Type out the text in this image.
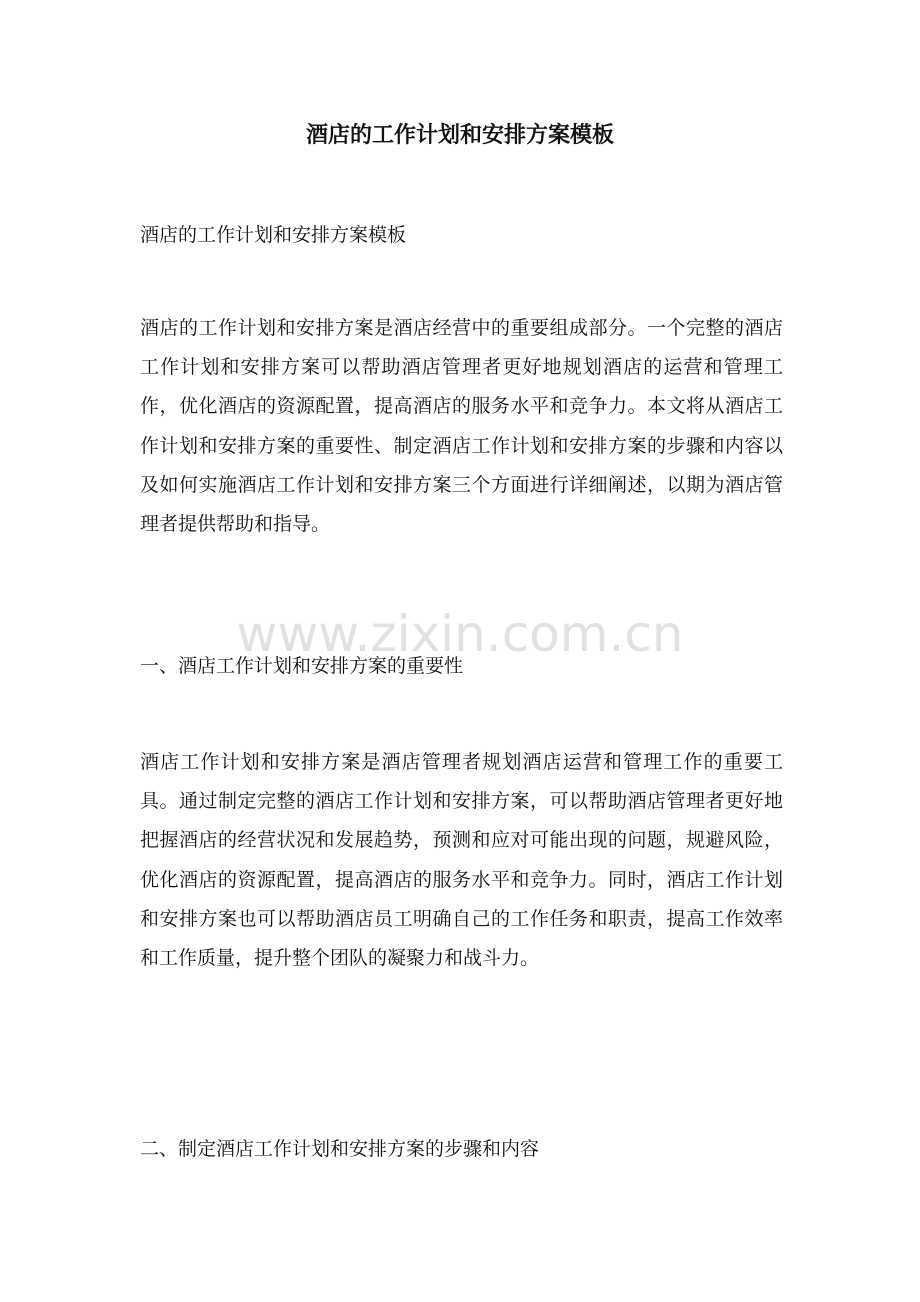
酒店的工作计划和安排方案模板

酒店的工作计划和安排方案模板

酒店的工作计划和安排方案是酒店经营中的重要组成部分。一个完整的酒店工作计划和安排方案可以帮助酒店管理者更好地规划酒店的运营和管理工作，优化酒店的资源配置，提高酒店的服务水平和竞争力。本文将从酒店工作计划和安排方案的重要性、制定酒店工作计划和安排方案的步骤和内容以及如何实施酒店工作计划和安排方案三个方面进行详细阐述，以期为酒店管理者提供帮助和指导。

www.zixin.com.cn

一、酒店工作计划和安排方案的重要性

酒店工作计划和安排方案是酒店管理者规划酒店运营和管理工作的重要工具。通过制定完整的酒店工作计划和安排方案，可以帮助酒店管理者更好地把握酒店的经营状况和发展趋势，预测和应对可能出现的问题，规避风险，优化酒店的资源配置，提高酒店的服务水平和竞争力。同时，酒店工作计划和安排方案也可以帮助酒店员工明确自己的工作任务和职责，提高工作效率和工作质量，提升整个团队的凝聚力和战斗力。

二、制定酒店工作计划和安排方案的步骤和内容
